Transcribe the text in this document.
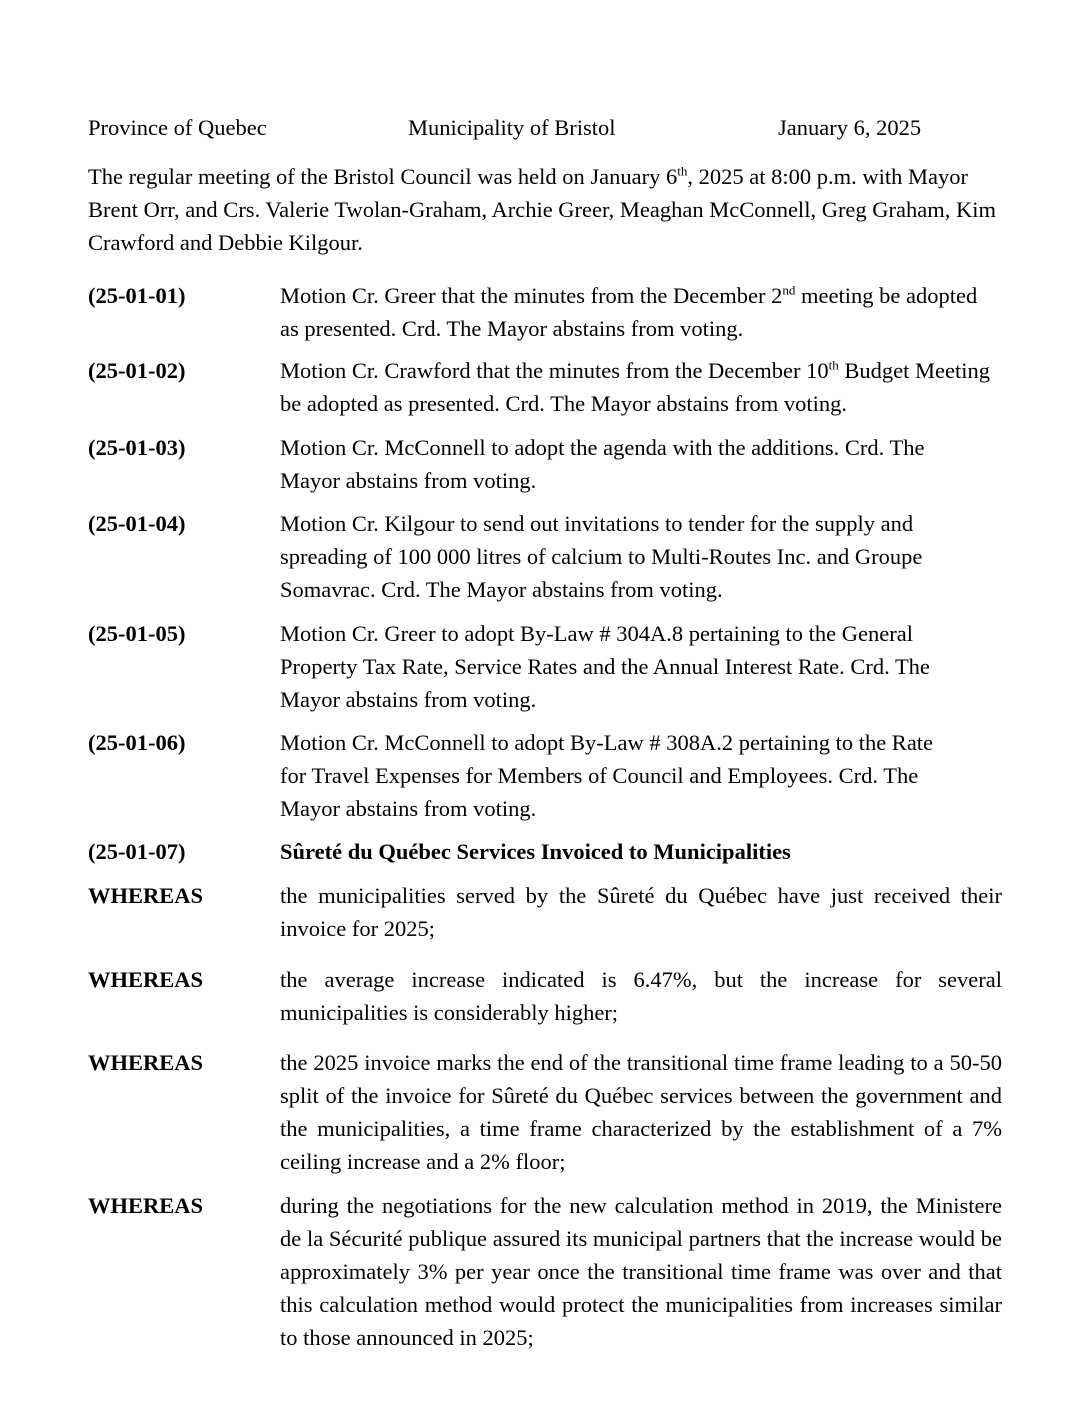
Province of Quebec	Municipality of Bristol	January 6, 2025
The regular meeting of the Bristol Council was held on January 6th, 2025 at 8:00 p.m. with Mayor Brent Orr, and Crs. Valerie Twolan-Graham, Archie Greer, Meaghan McConnell, Greg Graham, Kim Crawford and Debbie Kilgour.
(25-01-01)	Motion Cr. Greer that the minutes from the December 2nd meeting be adopted as presented. Crd. The Mayor abstains from voting.
(25-01-02)	Motion Cr. Crawford that the minutes from the December 10th Budget Meeting be adopted as presented. Crd. The Mayor abstains from voting.
(25-01-03)	Motion Cr. McConnell to adopt the agenda with the additions. Crd. The Mayor abstains from voting.
(25-01-04)	Motion Cr. Kilgour to send out invitations to tender for the supply and spreading of 100 000 litres of calcium to Multi-Routes Inc. and Groupe Somavrac. Crd. The Mayor abstains from voting.
(25-01-05)	Motion Cr. Greer to adopt By-Law # 304A.8 pertaining to the General Property Tax Rate, Service Rates and the Annual Interest Rate. Crd. The Mayor abstains from voting.
(25-01-06)	Motion Cr. McConnell to adopt By-Law # 308A.2 pertaining to the Rate for Travel Expenses for Members of Council and Employees. Crd. The Mayor abstains from voting.
(25-01-07)	Sûreté du Québec Services Invoiced to Municipalities
WHEREAS	the municipalities served by the Sûreté du Québec have just received their invoice for 2025;
WHEREAS	the average increase indicated is 6.47%, but the increase for several municipalities is considerably higher;
WHEREAS	the 2025 invoice marks the end of the transitional time frame leading to a 50-50 split of the invoice for Sûreté du Québec services between the government and the municipalities, a time frame characterized by the establishment of a 7% ceiling increase and a 2% floor;
WHEREAS	during the negotiations for the new calculation method in 2019, the Ministere de la Sécurité publique assured its municipal partners that the increase would be approximately 3% per year once the transitional time frame was over and that this calculation method would protect the municipalities from increases similar to those announced in 2025;
